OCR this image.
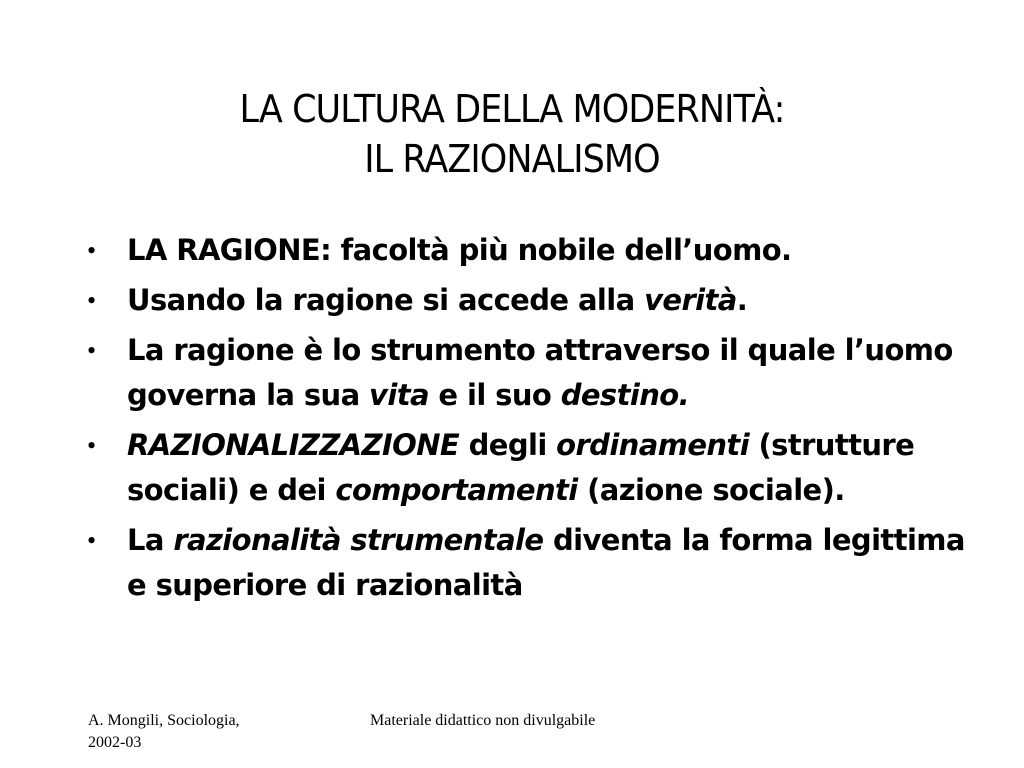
LA CULTURA DELLA MODERNITÀ:
IL RAZIONALISMO
• LA RAGIONE: facoltà più nobile dell’uomo.
• Usando la ragione si accede alla verità.
• La ragione è lo strumento attraverso il quale l’uomo governa la sua vita e il suo destino.
• RAZIONALIZZAZIONE degli ordinamenti (strutture sociali) e dei comportamenti (azione sociale).
• La razionalità strumentale diventa la forma legittima e superiore di razionalità
A. Mongili, Sociologia,
2002-03
Materiale didattico non divulgabile
